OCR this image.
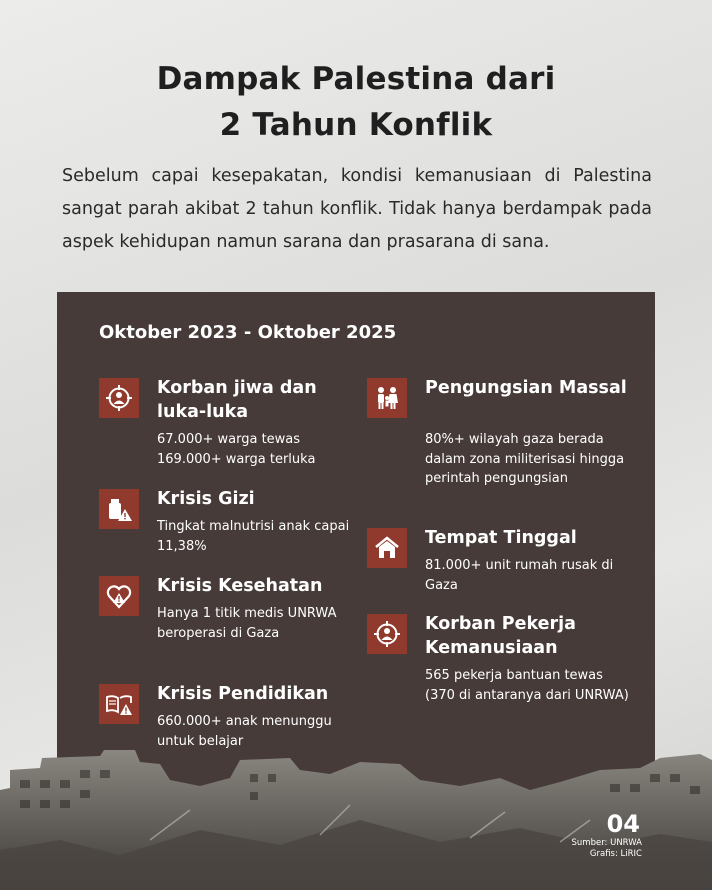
Dampak Palestina dari
2 Tahun Konflik
Sebelum capai kesepakatan, kondisi kemanusiaan di Palestina sangat parah akibat 2 tahun konflik. Tidak hanya berdampak pada aspek kehidupan namun sarana dan prasarana di sana.
Oktober 2023 - Oktober 2025
Korban jiwa dan luka-luka
67.000+ warga tewas 169.000+ warga terluka
Krisis Gizi
Tingkat malnutrisi anak capai 11,38%
Krisis Kesehatan
Hanya 1 titik medis UNRWA beroperasi di Gaza
Krisis Pendidikan
660.000+ anak menunggu untuk belajar
Pengungsian Massal
80%+ wilayah gaza berada dalam zona militerisasi hingga perintah pengungsian
Tempat Tinggal
81.000+ unit rumah rusak di Gaza
Korban Pekerja Kemanusiaan
565 pekerja bantuan tewas (370 di antaranya dari UNRWA)
04
Sumber: UNRWA
Grafis: LiRIC
